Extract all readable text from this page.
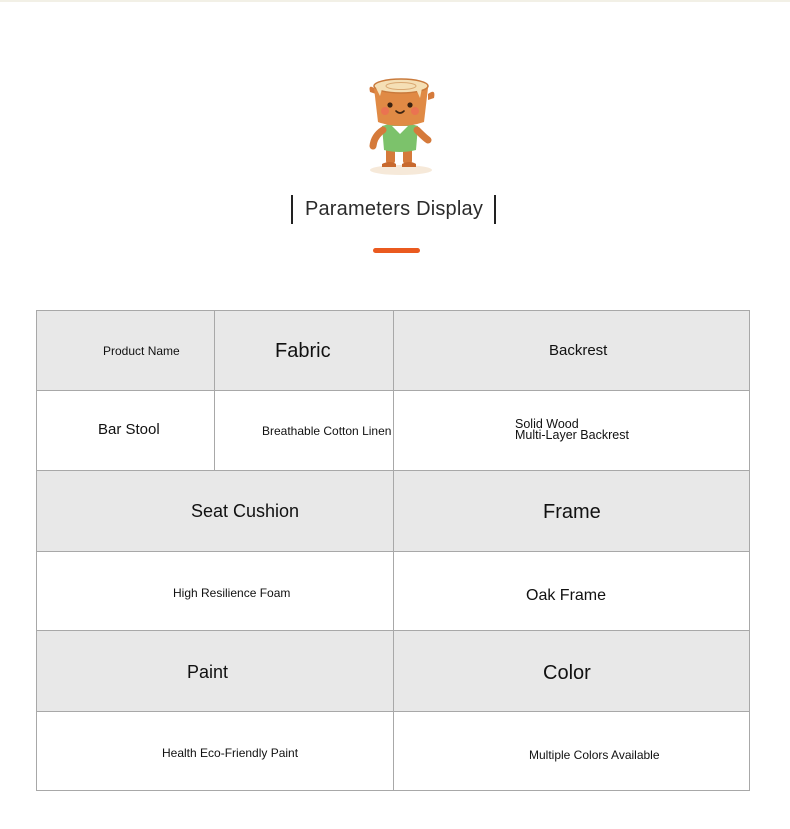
Parameters Display
Product Name	Fabric	Backrest
Bar Stool	Breathable Cotton Linen	Solid Wood
Multi-Layer Backrest
Seat Cushion	Frame
High Resilience Foam	Oak Frame
Paint	Color
Health Eco-Friendly Paint	Multiple Colors Available
